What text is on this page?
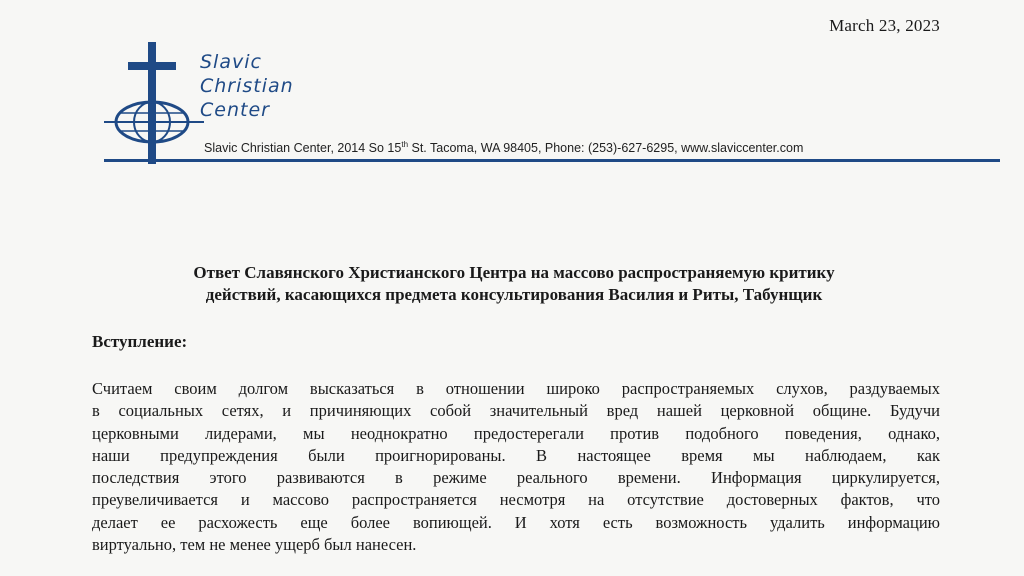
March 23, 2023
Slavic
Christian
Center
Slavic Christian Center, 2014 So 15th St. Tacoma, WA 98405, Phone: (253)-627-6295, www.slaviccenter.com
Ответ Славянского Христианского Центра на массово распространяемую критику
действий, касающихся предмета консультирования Василия и Риты, Табунщик
Вступление:
Считаем своим долгом высказаться в отношении широко распространяемых слухов, раздуваемых
в социальных сетях, и причиняющих собой значительный вред нашей церковной общине. Будучи
церковными лидерами, мы неоднократно предостерегали против подобного поведения, однако,
наши предупреждения были проигнорированы. В настоящее время мы наблюдаем, как
последствия этого развиваются в режиме реального времени. Информация циркулируется,
преувеличивается и массово распространяется несмотря на отсутствие достоверных фактов, что
делает ее расхожесть еще более вопиющей. И хотя есть возможность удалить информацию
виртуально, тем не менее ущерб был нанесен.
